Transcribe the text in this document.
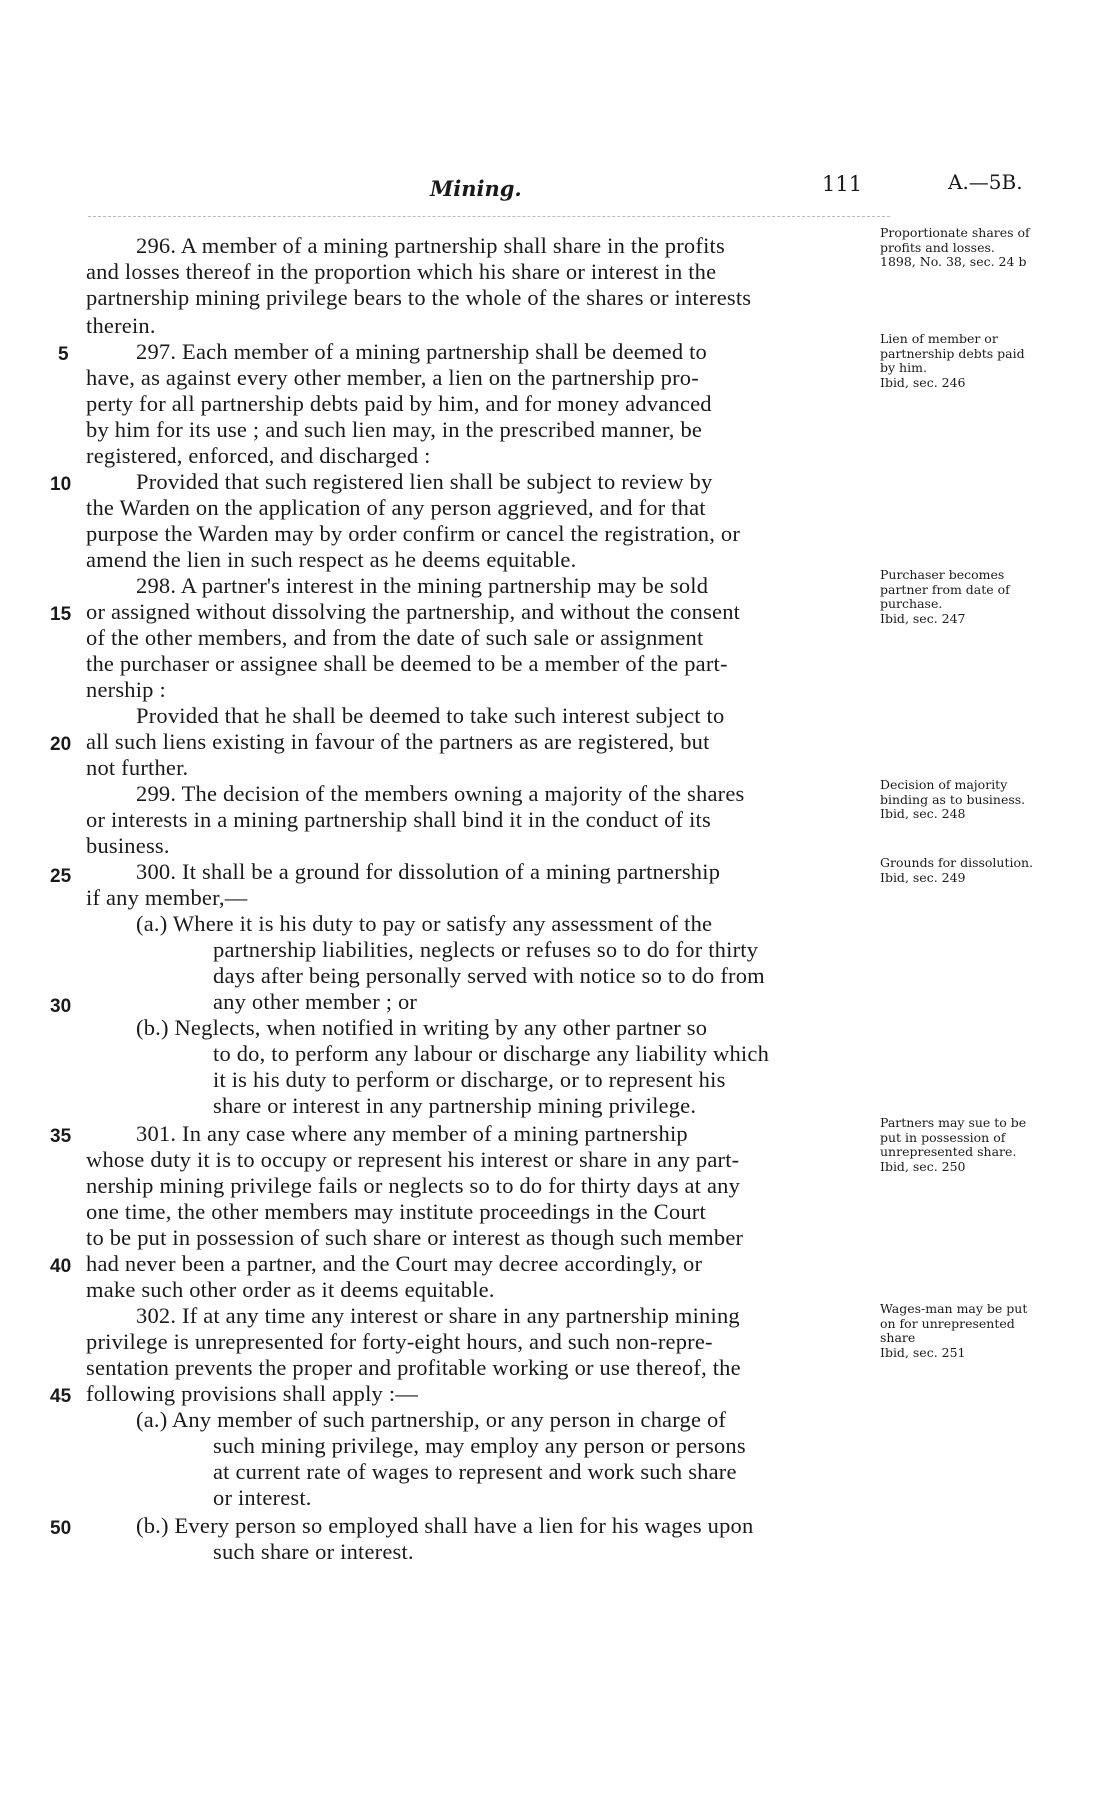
Mining.	111	A.—5B.
5
10
15
20
25
30
35
40
45
50
296. A member of a mining partnership shall share in the profits
and losses thereof in the proportion which his share or interest in the
partnership mining privilege bears to the whole of the shares or interests
therein.
297. Each member of a mining partnership shall be deemed to
have, as against every other member, a lien on the partnership pro-
perty for all partnership debts paid by him, and for money advanced
by him for its use ; and such lien may, in the prescribed manner, be
registered, enforced, and discharged :
Provided that such registered lien shall be subject to review by
the Warden on the application of any person aggrieved, and for that
purpose the Warden may by order confirm or cancel the registration, or
amend the lien in such respect as he deems equitable.
298. A partner's interest in the mining partnership may be sold
or assigned without dissolving the partnership, and without the consent
of the other members, and from the date of such sale or assignment
the purchaser or assignee shall be deemed to be a member of the part-
nership :
Provided that he shall be deemed to take such interest subject to
all such liens existing in favour of the partners as are registered, but
not further.
299. The decision of the members owning a majority of the shares
or interests in a mining partnership shall bind it in the conduct of its
business.
300. It shall be a ground for dissolution of a mining partnership
if any member,—
(a.) Where it is his duty to pay or satisfy any assessment of the
partnership liabilities, neglects or refuses so to do for thirty
days after being personally served with notice so to do from
any other member ; or
(b.) Neglects, when notified in writing by any other partner so
to do, to perform any labour or discharge any liability which
it is his duty to perform or discharge, or to represent his
share or interest in any partnership mining privilege.
301. In any case where any member of a mining partnership
whose duty it is to occupy or represent his interest or share in any part-
nership mining privilege fails or neglects so to do for thirty days at any
one time, the other members may institute proceedings in the Court
to be put in possession of such share or interest as though such member
had never been a partner, and the Court may decree accordingly, or
make such other order as it deems equitable.
302. If at any time any interest or share in any partnership mining
privilege is unrepresented for forty-eight hours, and such non-repre-
sentation prevents the proper and profitable working or use thereof, the
following provisions shall apply :—
(a.) Any member of such partnership, or any person in charge of
such mining privilege, may employ any person or persons
at current rate of wages to represent and work such share
or interest.
(b.) Every person so employed shall have a lien for his wages upon
such share or interest.
Proportionate shares of profits and losses.
1898, No. 38, sec. 24 b
Lien of member or partnership debts paid by him.
Ibid, sec. 246
Purchaser becomes partner from date of purchase.
Ibid, sec. 247
Decision of majority binding as to business.
Ibid, sec. 248
Grounds for dissolution.
Ibid, sec. 249
Partners may sue to be put in possession of unrepresented share.
Ibid, sec. 250
Wages-man may be put on for unrepresented share
Ibid, sec. 251
